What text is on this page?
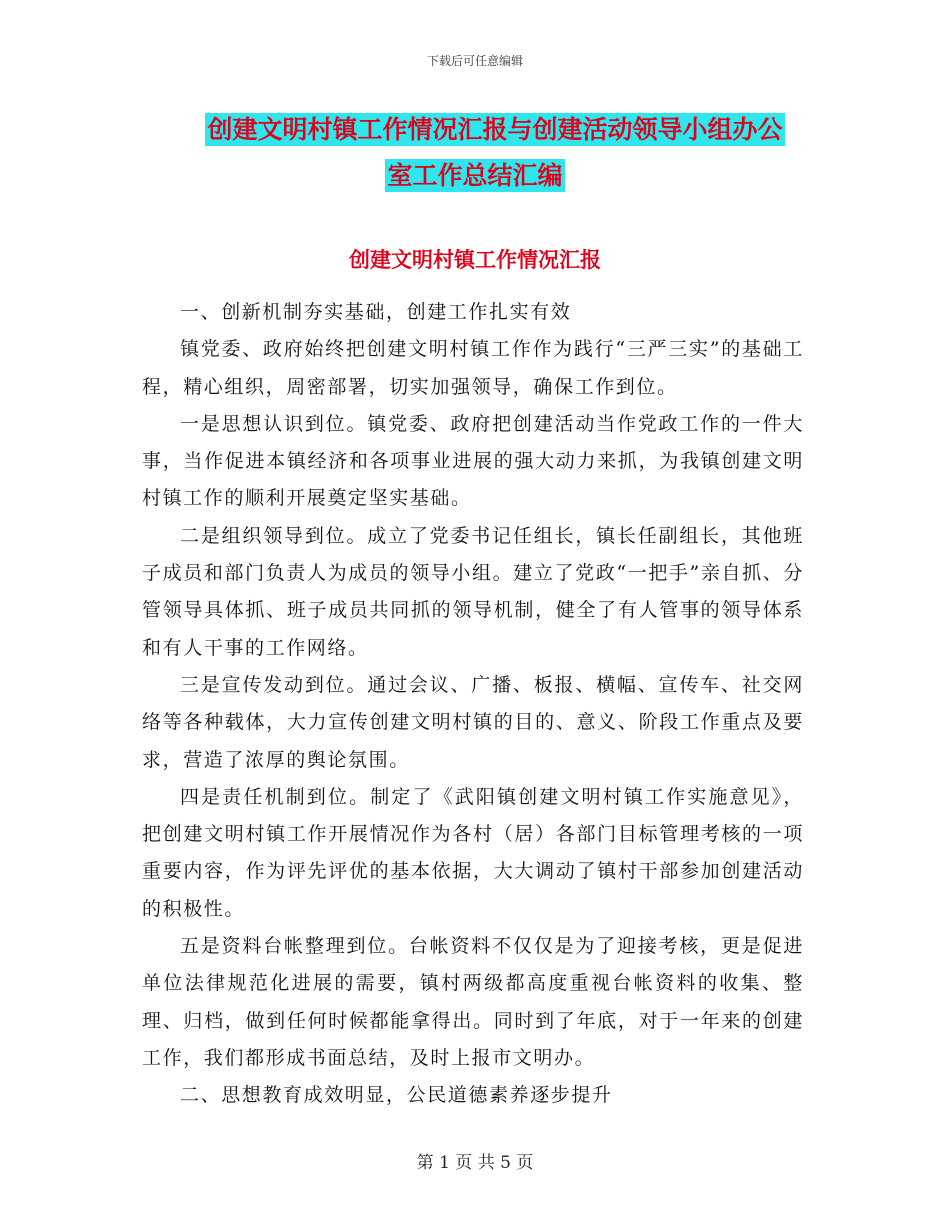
下载后可任意编辑
创建文明村镇工作情况汇报与创建活动领导小组办公
室工作总结汇编
创建文明村镇工作情况汇报

一、创新机制夯实基础，创建工作扎实有效

镇党委、政府始终把创建文明村镇工作作为践行“三严三实”的基础工程，精心组织，周密部署，切实加强领导，确保工作到位。

一是思想认识到位。镇党委、政府把创建活动当作党政工作的一件大事，当作促进本镇经济和各项事业进展的强大动力来抓，为我镇创建文明村镇工作的顺利开展奠定坚实基础。

二是组织领导到位。成立了党委书记任组长，镇长任副组长，其他班子成员和部门负责人为成员的领导小组。建立了党政“一把手”亲自抓、分管领导具体抓、班子成员共同抓的领导机制，健全了有人管事的领导体系和有人干事的工作网络。

三是宣传发动到位。通过会议、广播、板报、横幅、宣传车、社交网络等各种载体，大力宣传创建文明村镇的目的、意义、阶段工作重点及要求，营造了浓厚的舆论氛围。

四是责任机制到位。制定了《武阳镇创建文明村镇工作实施意见》，把创建文明村镇工作开展情况作为各村（居）各部门目标管理考核的一项重要内容，作为评先评优的基本依据，大大调动了镇村干部参加创建活动的积极性。

五是资料台帐整理到位。台帐资料不仅仅是为了迎接考核，更是促进单位法律规范化进展的需要，镇村两级都高度重视台帐资料的收集、整理、归档，做到任何时候都能拿得出。同时到了年底，对于一年来的创建工作，我们都形成书面总结，及时上报市文明办。

二、思想教育成效明显，公民道德素养逐步提升

第 1 页 共 5 页
